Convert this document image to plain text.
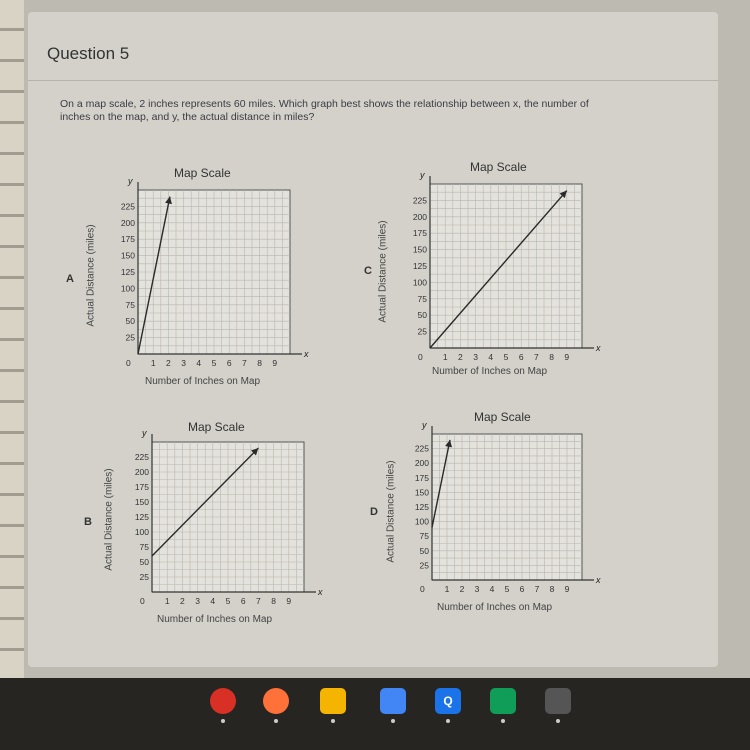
Question 5
On a map scale, 2 inches represents 60 miles. Which graph best shows the relationship between x, the number of inches on the map, and y, the actual distance in miles?
A
Map Scale
Actual Distance (miles)
Number of Inches on Map
x
y
0 1 2 3 4 5 6 7 8 9
25
50
75
100
125
150
175
200
225
C
Map Scale
Actual Distance (miles)
Number of Inches on Map
x
y
0 1 2 3 4 5 6 7 8 9
25
50
75
100
125
150
175
200
225
B
Map Scale
Actual Distance (miles)
Number of Inches on Map
x
y
0 1 2 3 4 5 6 7 8 9
25
50
75
100
125
150
175
200
225
D
Map Scale
Actual Distance (miles)
Number of Inches on Map
x
y
0 1 2 3 4 5 6 7 8 9
25
50
75
100
125
150
175
200
225
Q
